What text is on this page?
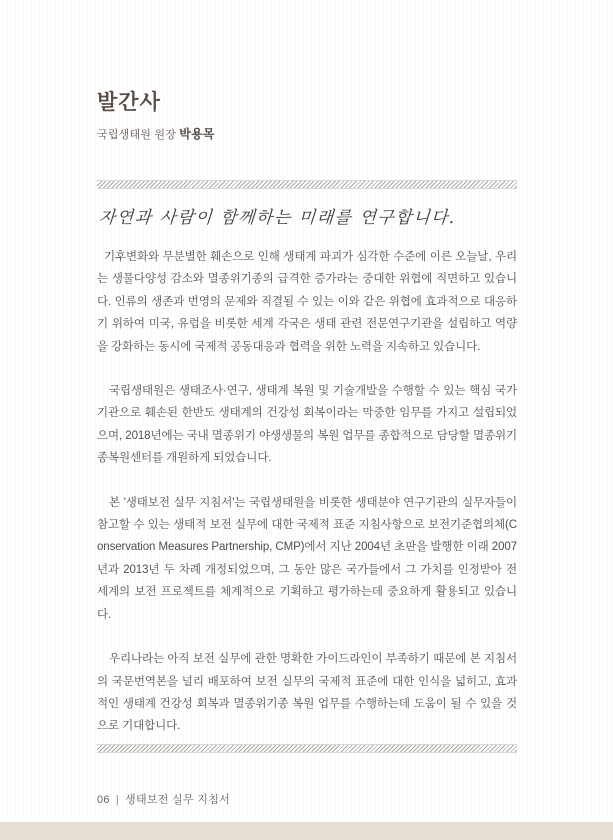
발간사
국립생태원 원장 박용목
자연과 사람이 함께하는 미래를 연구합니다.

기후변화와 무분별한 훼손으로 인해 생태계 파괴가 심각한 수준에 이른 오늘날, 우리는 생물다양성 감소와 멸종위기종의 급격한 증가라는 중대한 위협에 직면하고 있습니다. 인류의 생존과 번영의 문제와 직결될 수 있는 이와 같은 위협에 효과적으로 대응하기 위하여 미국, 유럽을 비롯한 세계 각국은 생태 관련 전문연구기관을 설립하고 역량을 강화하는 동시에 국제적 공동대응과 협력을 위한 노력을 지속하고 있습니다.

국립생태원은 생태조사·연구, 생태계 복원 및 기술개발을 수행할 수 있는 핵심 국가기관으로 훼손된 한반도 생태계의 건강성 회복이라는 막중한 임무를 가지고 설립되었으며, 2018년에는 국내 멸종위기 야생생물의 복원 업무를 종합적으로 담당할 멸종위기종복원센터를 개원하게 되었습니다.

본 '생태보전 실무 지침서'는 국립생태원을 비롯한 생태분야 연구기관의 실무자들이 참고할 수 있는 생태적 보전 실무에 대한 국제적 표준 지침사항으로 보전기준협의체(Conservation Measures Partnership, CMP)에서 지난 2004년 초판을 발행한 이래 2007년과 2013년 두 차례 개정되었으며, 그 동안 많은 국가들에서 그 가치를 인정받아 전 세계의 보전 프로젝트를 체계적으로 기획하고 평가하는데 중요하게 활용되고 있습니다.

우리나라는 아직 보전 실무에 관한 명확한 가이드라인이 부족하기 때문에 본 지침서의 국문번역본을 널리 배포하여 보전 실무의 국제적 표준에 대한 인식을 넓히고, 효과적인 생태계 건강성 회복과 멸종위기종 복원 업무를 수행하는데 도움이 될 수 있을 것으로 기대합니다.

06 | 생태보전 실무 지침서
